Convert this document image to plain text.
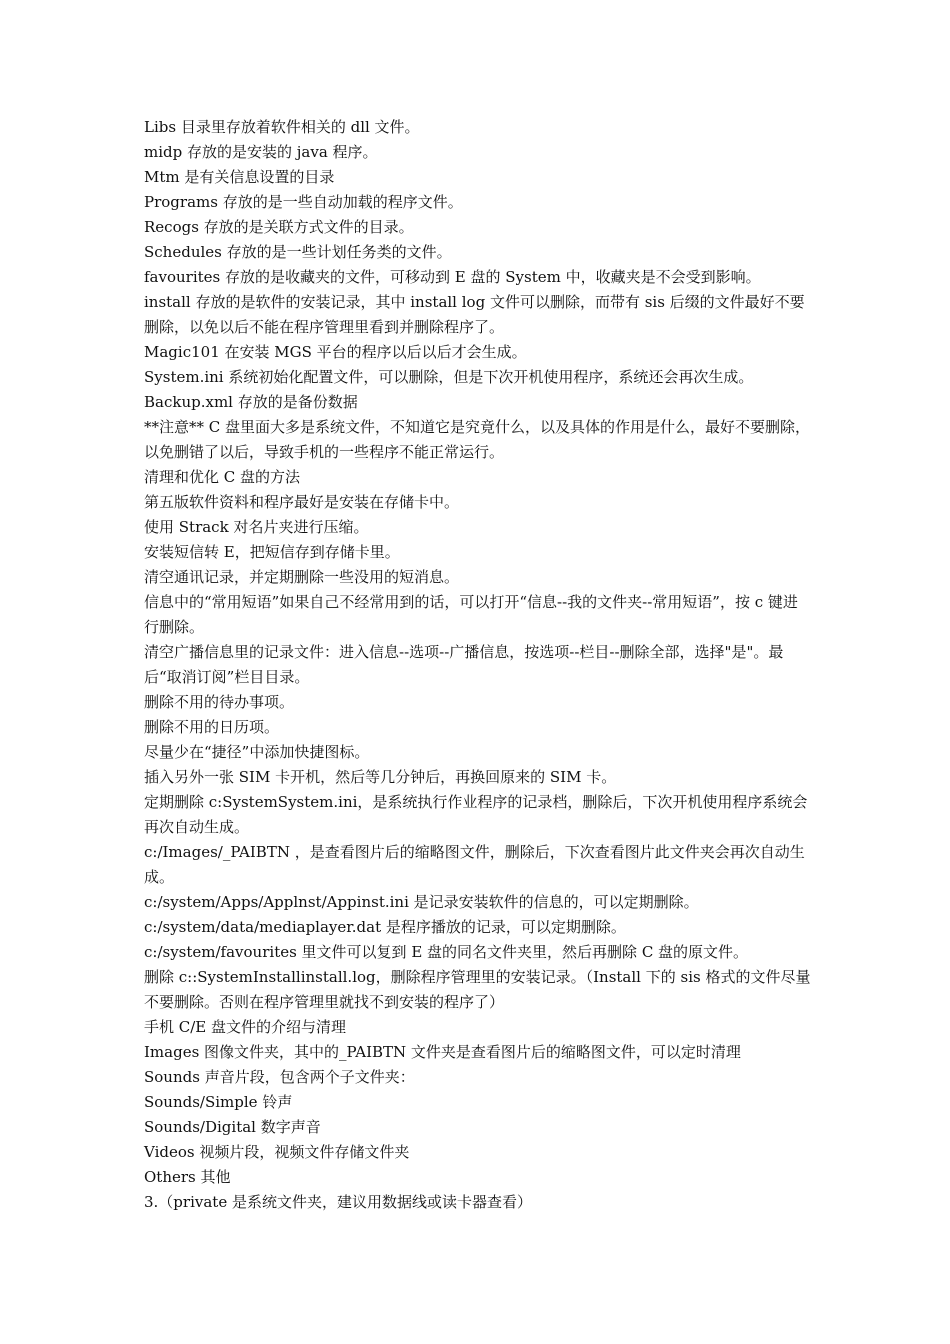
Libs 目录里存放着软件相关的 dll 文件。

midp 存放的是安装的 java 程序。

Mtm 是有关信息设置的目录

Programs 存放的是一些自动加载的程序文件。

Recogs 存放的是关联方式文件的目录。

Schedules 存放的是一些计划任务类的文件。

favourites 存放的是收藏夹的文件，可移动到 E 盘的 System 中，收藏夹是不会受到影响。

install 存放的是软件的安装记录，其中 install log 文件可以删除，而带有 sis 后缀的文件最好不要删除，以免以后不能在程序管理里看到并删除程序了。

Magic101 在安装 MGS 平台的程序以后以后才会生成。

System.ini 系统初始化配置文件，可以删除，但是下次开机使用程序，系统还会再次生成。

Backup.xml 存放的是备份数据

**注意** C 盘里面大多是系统文件，不知道它是究竟什么，以及具体的作用是什么，最好不要删除，以免删错了以后，导致手机的一些程序不能正常运行。

清理和优化 C 盘的方法

第五版软件资料和程序最好是安装在存储卡中。

使用 Strack 对名片夹进行压缩。

安装短信转 E，把短信存到存储卡里。

清空通讯记录，并定期删除一些没用的短消息。

信息中的“常用短语”如果自己不经常用到的话，可以打开“信息--我的文件夹--常用短语”，按 c 键进行删除。

清空广播信息里的记录文件：进入信息--选项--广播信息，按选项--栏目--删除全部，选择"是"。最后“取消订阅”栏目目录。

删除不用的待办事项。

删除不用的日历项。

尽量少在“捷径”中添加快捷图标。

插入另外一张 SIM 卡开机，然后等几分钟后，再换回原来的 SIM 卡。

定期删除 c:SystemSystem.ini，是系统执行作业程序的记录档，删除后，下次开机使用程序系统会再次自动生成。

c:/Images/_PAIBTN ，是查看图片后的缩略图文件，删除后，下次查看图片此文件夹会再次自动生成。

c:/system/Apps/Applnst/Appinst.ini 是记录安装软件的信息的，可以定期删除。

c:/system/data/mediaplayer.dat 是程序播放的记录，可以定期删除。

c:/system/favourites 里文件可以复到 E 盘的同名文件夹里，然后再删除 C 盘的原文件。

删除 c::SystemInstallinstall.log，删除程序管理里的安装记录。（Install 下的 sis 格式的文件尽量不要删除。否则在程序管理里就找不到安装的程序了）

手机 C/E 盘文件的介绍与清理

Images 图像文件夹，其中的_PAIBTN 文件夹是查看图片后的缩略图文件，可以定时清理

Sounds 声音片段，包含两个子文件夹：

Sounds/Simple 铃声

Sounds/Digital 数字声音

Videos 视频片段，视频文件存储文件夹

Others 其他

3.（private 是系统文件夹，建议用数据线或读卡器查看）
